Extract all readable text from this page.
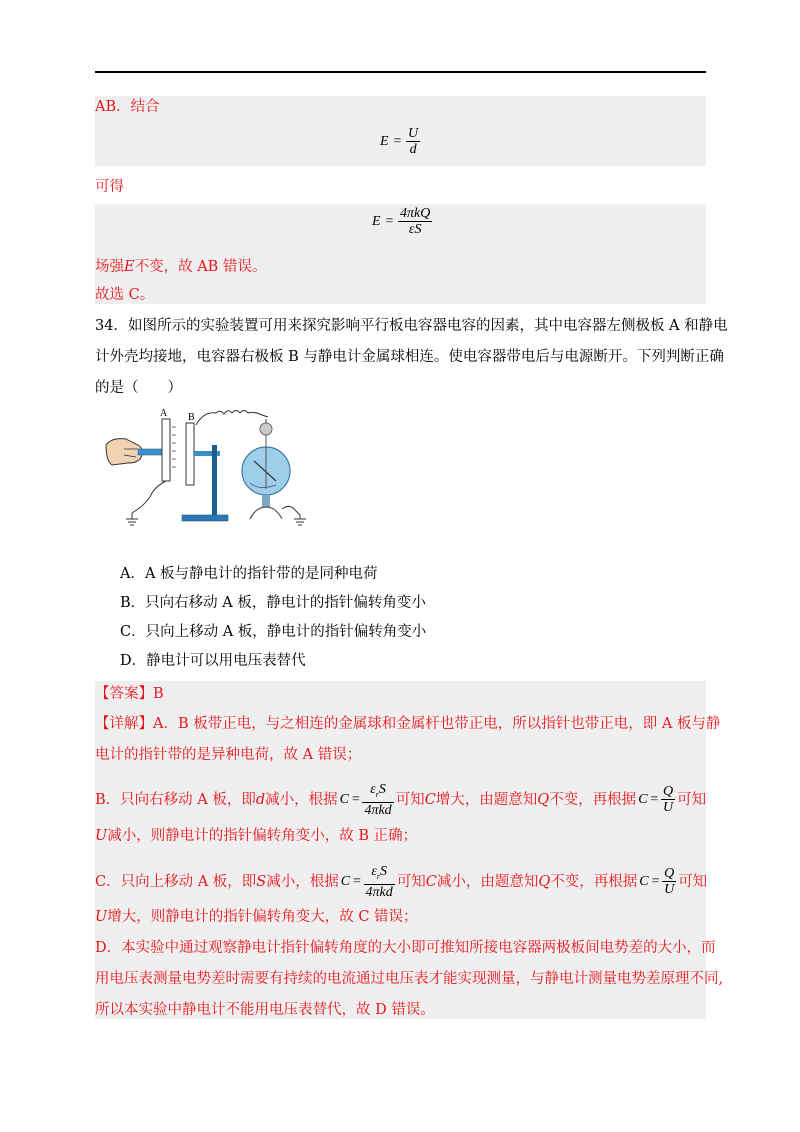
AB．结合
$E = \frac{U}{d}$
可得
$E = \frac{\text{4πkQ}}{\varepsilon S}$
场强E不变，故 AB 错误。
故选 C。
34．如图所示的实验装置可用来探究影响平行板电容器电容的因素，其中电容器左侧极板 A 和静电
计外壳均接地，电容器右极板 B 与静电计金属球相连。使电容器带电后与电源断开。下列判断正确
的是（　　）
A B
A．A 板与静电计的指针带的是同种电荷
B．只向右移动 A 板，静电计的指针偏转角变小
C．只向上移动 A 板，静电计的指针偏转角变小
D．静电计可以用电压表替代
【答案】B
【详解】A．B 板带正电，与之相连的金属球和金属杆也带正电，所以指针也带正电，即 A 板与静
电计的指针带的是异种电荷，故 A 错误；
B．只向右移动 A 板，即d减小，根据 $C = \frac{\varepsilon_rS}{\text{4πkd}}$ 可知C增大，由题意知Q不变，再根据 $C = \frac{Q}{U}$ 可知
U减小，则静电计的指针偏转角变小，故 B 正确；
C．只向上移动 A 板，即S减小，根据 $C = \frac{\varepsilon_rS}{\text{4πkd}}$ 可知C减小，由题意知Q不变，再根据 $C = \frac{Q}{U}$ 可知
U增大，则静电计的指针偏转角变大，故 C 错误；
D．本实验中通过观察静电计指针偏转角度的大小即可推知所接电容器两极板间电势差的大小，而
用电压表测量电势差时需要有持续的电流通过电压表才能实现测量，与静电计测量电势差原理不同,
所以本实验中静电计不能用电压表替代，故 D 错误。
